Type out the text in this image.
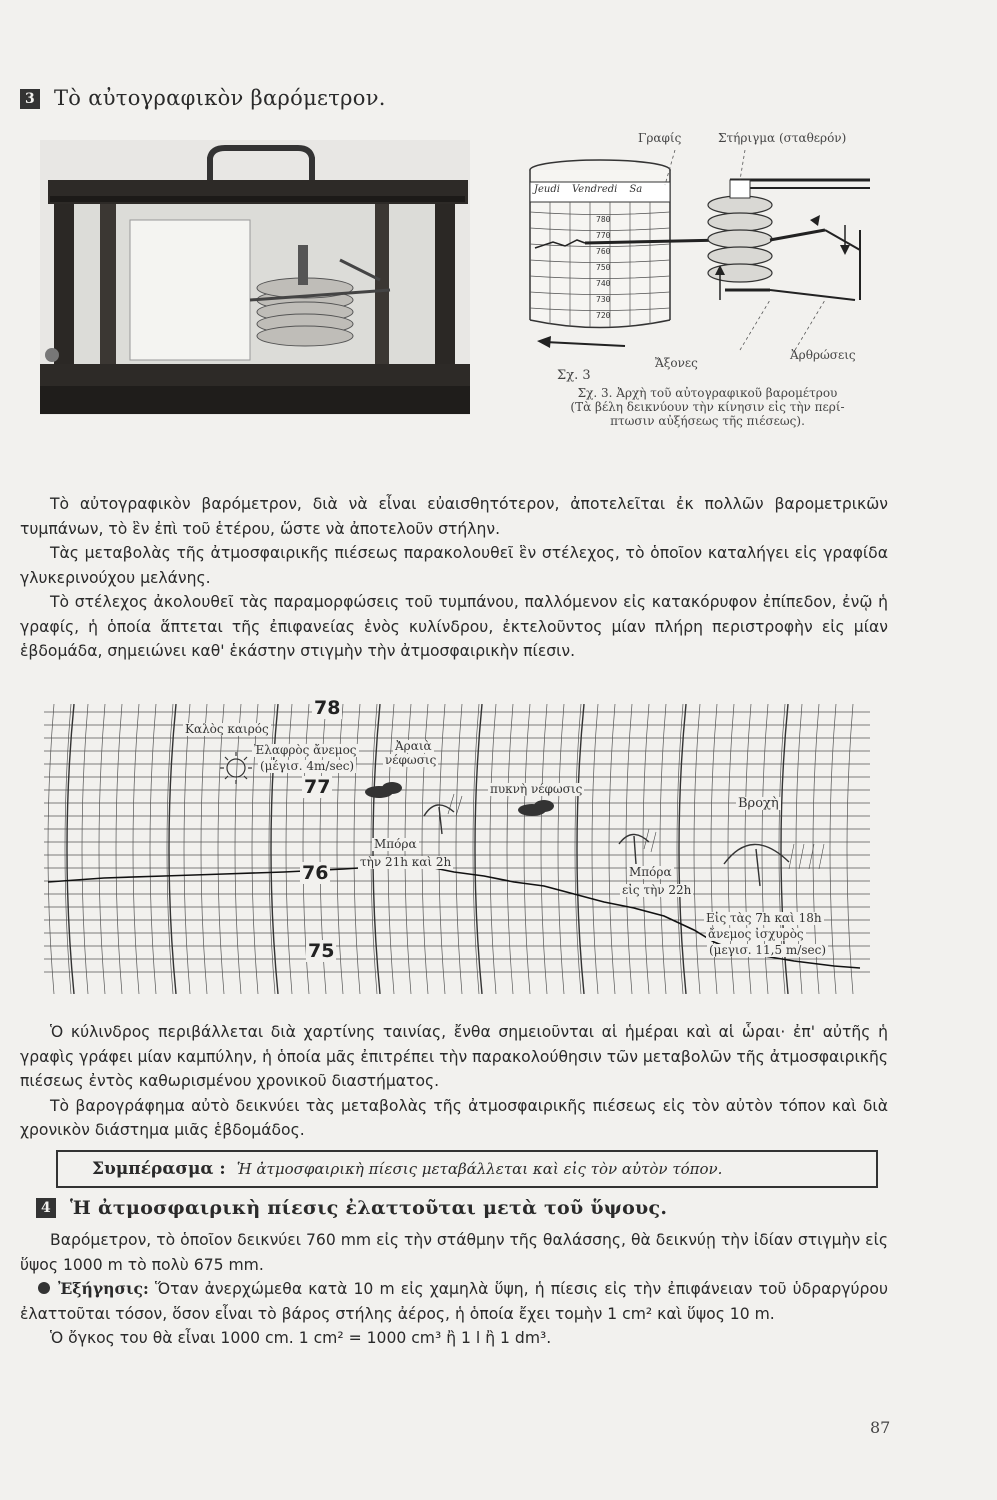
3 Τὸ αὐτογραφικὸν βαρόμετρον.
Γραφίς	Στήριγμα (σταθερόν)
Jeudi Vendredi Sa
780
770
760
750
740
730
720
Ἄξονες
Ἀρθρώσεις
Σχ. 3
Σχ. 3. Ἀρχὴ τοῦ αὐτογραφικοῦ βαρομέτρου
(Τὰ βέλη δεικνύουν τὴν κίνησιν εἰς τὴν περί-
πτωσιν αὐξήσεως τῆς πιέσεως).

Τὸ αὐτογραφικὸν βαρόμετρον, διὰ νὰ εἶναι εὐαισθητότερον, ἀποτελεῖται ἐκ πολλῶν βαρομετρικῶν τυμπάνων, τὸ ἓν ἐπὶ τοῦ ἑτέρου, ὥστε νὰ ἀποτελοῦν στήλην.

Τὰς μεταβολὰς τῆς ἀτμοσφαιρικῆς πιέσεως παρακολουθεῖ ἓν στέλεχος, τὸ ὁποῖον καταλήγει εἰς γραφίδα γλυκερινούχου μελάνης.

Τὸ στέλεχος ἀκολουθεῖ τὰς παραμορφώσεις τοῦ τυμπάνου, παλλόμενον εἰς κατακόρυφον ἐπίπεδον, ἐνῷ ἡ γραφίς, ἡ ὁποία ἅπτεται τῆς ἐπιφανείας ἑνὸς κυλίνδρου, ἐκτελοῦντος μίαν πλήρη περιστροφὴν εἰς μίαν ἑβδομάδα, σημειώνει καθ' ἑκάστην στιγμὴν τὴν ἀτμοσφαιρικὴν πίεσιν.

78
77
76
75
Καλὸς καιρός
Ἐλαφρὸς ἄνεμος
(μέγισ. 4m/sec)
Ἀραιὰ
νέφωσις
πυκνὴ νέφωσις
Μπόρα
τὴν 21h καὶ 2h
Μπόρα
εἰς τὴν 22h
Βροχὴ
Εἰς τὰς 7h καὶ 18h
ἄνεμος ἰσχυρὸς
(μεγισ. 11,5 m/sec)

Ὁ κύλινδρος περιβάλλεται διὰ χαρτίνης ταινίας, ἔνθα σημειοῦνται αἱ ἡμέραι καὶ αἱ ὧραι· ἐπ' αὐτῆς ἡ γραφὶς γράφει μίαν καμπύλην, ἡ ὁποία μᾶς ἐπιτρέπει τὴν παρακολούθησιν τῶν μεταβολῶν τῆς ἀτμοσφαιρικῆς πιέσεως ἐντὸς καθωρισμένου χρονικοῦ διαστήματος.

Τὸ βαρογράφημα αὐτὸ δεικνύει τὰς μεταβολὰς τῆς ἀτμοσφαιρικῆς πιέσεως εἰς τὸν αὐτὸν τόπον καὶ διὰ χρονικὸν διάστημα μιᾶς ἑβδομάδος.

Συμπέρασμα : Ἡ ἀτμοσφαιρικὴ πίεσις μεταβάλλεται καὶ εἰς τὸν αὐτὸν τόπον.
4 Ἡ ἀτμοσφαιρικὴ πίεσις ἐλαττοῦται μετὰ τοῦ ὕψους.

Βαρόμετρον, τὸ ὁποῖον δεικνύει 760 mm εἰς τὴν στάθμην τῆς θαλάσσης, θὰ δεικνύῃ τὴν ἰδίαν στιγμὴν εἰς ὕψος 1000 m τὸ πολὺ 675 mm.

Ἐξήγησις: Ὅταν ἀνερχώμεθα κατὰ 10 m εἰς χαμηλὰ ὕψη, ἡ πίεσις εἰς τὴν ἐπιφάνειαν τοῦ ὑδραργύρου ἐλαττοῦται τόσον, ὅσον εἶναι τὸ βάρος στήλης ἀέρος, ἡ ὁποία ἔχει τομὴν 1 cm² καὶ ὕψος 10 m.

Ὁ ὄγκος του θὰ εἶναι 1000 cm. 1 cm² = 1000 cm³ ἢ 1 l ἢ 1 dm³.

87
